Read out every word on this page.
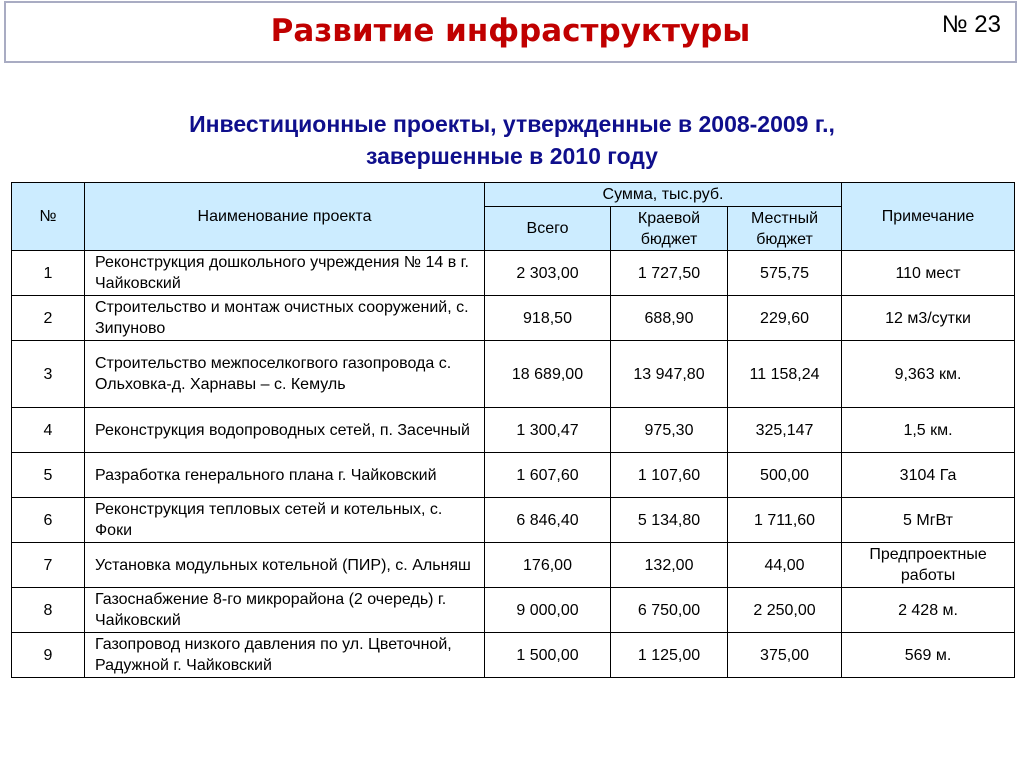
Развитие инфраструктуры	№ 23
Инвестиционные проекты, утвержденные в 2008-2009 г.,
завершенные в 2010 году
№	Наименование проекта	Сумма, тыс.руб.			Примечание
		Всего	Краевой бюджет	Местный бюджет	
1	Реконструкция дошкольного учреждения № 14 в г. Чайковский	2 303,00	1 727,50	575,75	110 мест
2	Строительство и монтаж очистных сооружений, с. Зипуново	918,50	688,90	229,60	12 м3/сутки
3	Строительство межпоселкогвого газопровода с. Ольховка-д. Харнавы – с. Кемуль	18 689,00	13 947,80	11 158,24	9,363 км.
4	Реконструкция водопроводных сетей, п. Засечный	1 300,47	975,30	325,147	1,5 км.
5	Разработка генерального плана г. Чайковский	1 607,60	1 107,60	500,00	3104 Га
6	Реконструкция тепловых сетей и котельных, с. Фоки	6 846,40	5 134,80	1 711,60	5 МгВт
7	Установка модульных котельной (ПИР), с. Альняш	176,00	132,00	44,00	Предпроектные работы
8	Газоснабжение 8-го микрорайона (2 очередь) г. Чайковский	9 000,00	6 750,00	2 250,00	2 428 м.
9	Газопровод низкого давления по ул. Цветочной, Радужной г. Чайковский	1 500,00	1 125,00	375,00	569 м.
